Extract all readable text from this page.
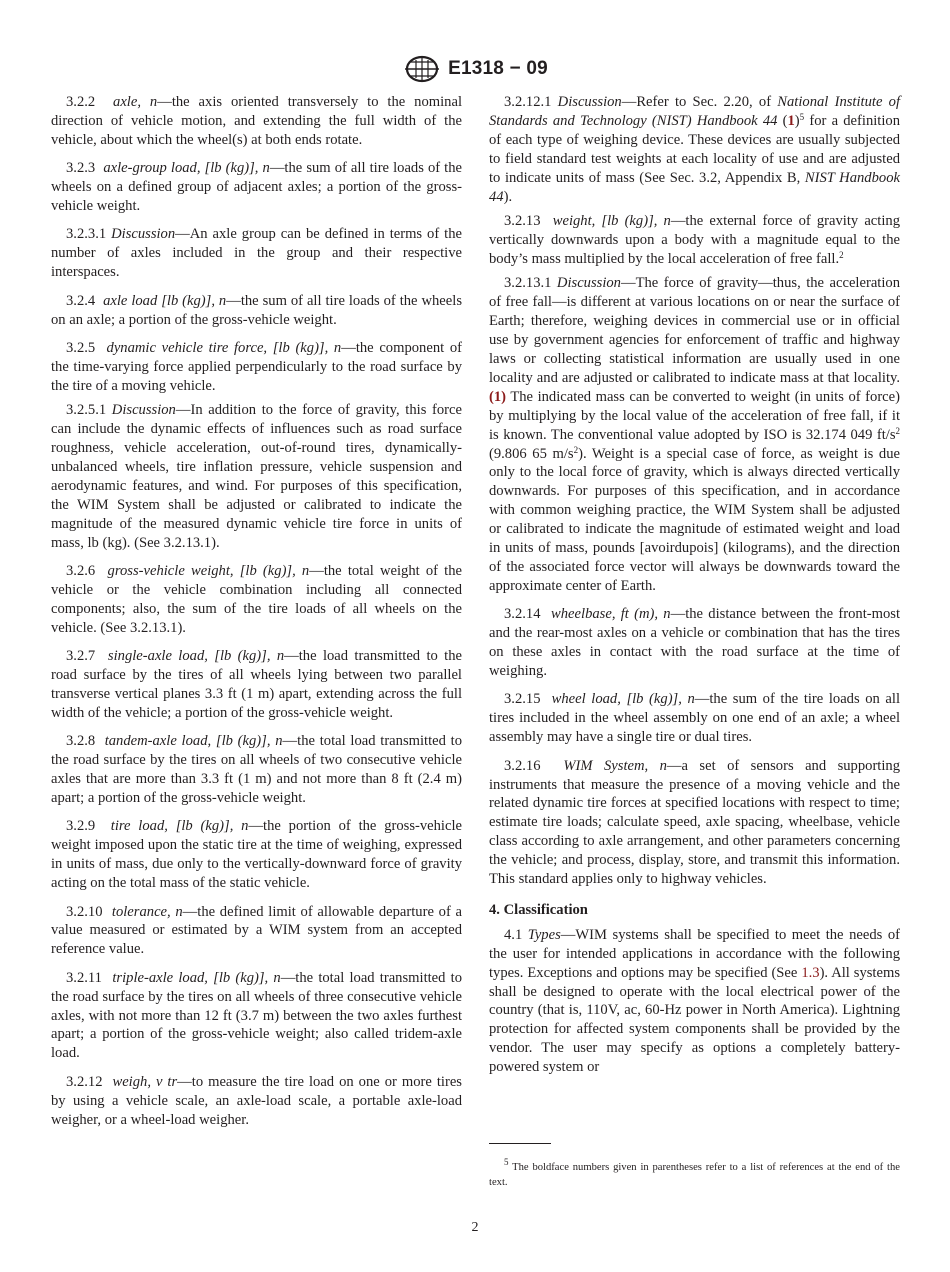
E1318 − 09

3.2.2 axle, n—the axis oriented transversely to the nominal direction of vehicle motion, and extending the full width of the vehicle, about which the wheel(s) at both ends rotate.

3.2.3 axle-group load, [lb (kg)], n—the sum of all tire loads of the wheels on a defined group of adjacent axles; a portion of the gross-vehicle weight.

3.2.3.1 Discussion—An axle group can be defined in terms of the number of axles included in the group and their respective interspaces.

3.2.4 axle load [lb (kg)], n—the sum of all tire loads of the wheels on an axle; a portion of the gross-vehicle weight.

3.2.5 dynamic vehicle tire force, [lb (kg)], n—the component of the time-varying force applied perpendicularly to the road surface by the tire of a moving vehicle.

3.2.5.1 Discussion—In addition to the force of gravity, this force can include the dynamic effects of influences such as road surface roughness, vehicle acceleration, out-of-round tires, dynamically-unbalanced wheels, tire inflation pressure, vehicle suspension and aerodynamic features, and wind. For purposes of this specification, the WIM System shall be adjusted or calibrated to indicate the magnitude of the measured dynamic vehicle tire force in units of mass, lb (kg). (See 3.2.13.1).

3.2.6 gross-vehicle weight, [lb (kg)], n—the total weight of the vehicle or the vehicle combination including all connected components; also, the sum of the tire loads of all wheels on the vehicle. (See 3.2.13.1).

3.2.7 single-axle load, [lb (kg)], n—the load transmitted to the road surface by the tires of all wheels lying between two parallel transverse vertical planes 3.3 ft (1 m) apart, extending across the full width of the vehicle; a portion of the gross-vehicle weight.

3.2.8 tandem-axle load, [lb (kg)], n—the total load transmitted to the road surface by the tires on all wheels of two consecutive vehicle axles that are more than 3.3 ft (1 m) and not more than 8 ft (2.4 m) apart; a portion of the gross-vehicle weight.

3.2.9 tire load, [lb (kg)], n—the portion of the gross-vehicle weight imposed upon the static tire at the time of weighing, expressed in units of mass, due only to the vertically-downward force of gravity acting on the total mass of the static vehicle.

3.2.10 tolerance, n—the defined limit of allowable departure of a value measured or estimated by a WIM system from an accepted reference value.

3.2.11 triple-axle load, [lb (kg)], n—the total load transmitted to the road surface by the tires on all wheels of three consecutive vehicle axles, with not more than 12 ft (3.7 m) between the two axles furthest apart; a portion of the gross-vehicle weight; also called tridem-axle load.

3.2.12 weigh, v tr—to measure the tire load on one or more tires by using a vehicle scale, an axle-load scale, a portable axle-load weigher, or a wheel-load weigher.

3.2.12.1 Discussion—Refer to Sec. 2.20, of National Institute of Standards and Technology (NIST) Handbook 44 $(1)^5$ for a definition of each type of weighing device. These devices are usually subjected to field standard test weights at each locality of use and are adjusted to indicate units of mass (See Sec. 3.2, Appendix B, NIST Handbook 44).

3.2.13 weight, [lb (kg)], n—the external force of gravity acting vertically downwards upon a body with a magnitude equal to the body’s mass multiplied by the local acceleration of free fall.$^2$

3.2.13.1 Discussion—The force of gravity—thus, the acceleration of free fall—is different at various locations on or near the surface of Earth; therefore, weighing devices in commercial use or in official use by government agencies for enforcement of traffic and highway laws or collecting statistical information are usually used in one locality and are adjusted or calibrated to indicate mass at that locality. (1) The indicated mass can be converted to weight (in units of force) by multiplying by the local value of the acceleration of free fall, if it is known. The conventional value adopted by ISO is 32.174 049 $ft/s^2$ (9.806 65 $m/s^2$). Weight is a special case of force, as weight is due only to the local force of gravity, which is always directed vertically downwards. For purposes of this specification, and in accordance with common weighing practice, the WIM System shall be adjusted or calibrated to indicate the magnitude of estimated weight and load in units of mass, pounds [avoirdupois] (kilograms), and the direction of the associated force vector will always be downwards toward the approximate center of Earth.

3.2.14 wheelbase, ft (m), n—the distance between the front-most and the rear-most axles on a vehicle or combination that has the tires on these axles in contact with the road surface at the time of weighing.

3.2.15 wheel load, [lb (kg)], n—the sum of the tire loads on all tires included in the wheel assembly on one end of an axle; a wheel assembly may have a single tire or dual tires.

3.2.16 WIM System, n—a set of sensors and supporting instruments that measure the presence of a moving vehicle and the related dynamic tire forces at specified locations with respect to time; estimate tire loads; calculate speed, axle spacing, wheelbase, vehicle class according to axle arrangement, and other parameters concerning the vehicle; and process, display, store, and transmit this information. This standard applies only to highway vehicles.

4. Classification

4.1 Types—WIM systems shall be specified to meet the needs of the user for intended applications in accordance with the following types. Exceptions and options may be specified (See 1.3). All systems shall be designed to operate with the local electrical power of the country (that is, 110V, ac, 60-Hz power in North America). Lightning protection for affected system components shall be provided by the vendor. The user may specify as options a completely battery-powered system or

$^5$ The boldface numbers given in parentheses refer to a list of references at the end of the text.

2
